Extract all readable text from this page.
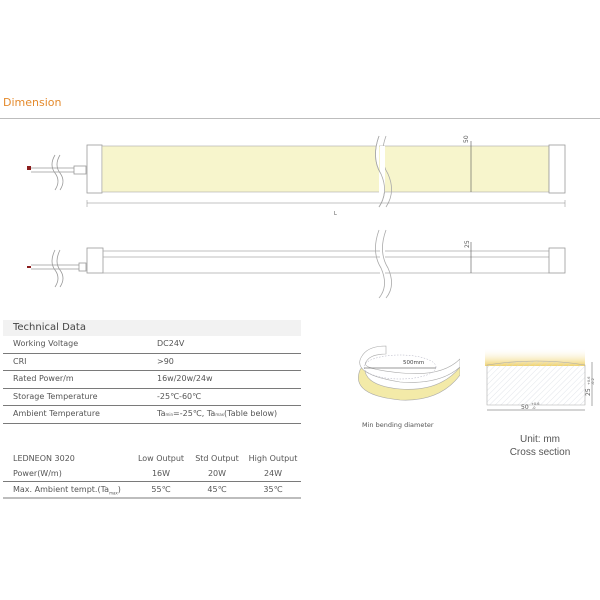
Dimension
50
L
25
Technical Data
Working Voltage	DC24V
CRI	>90
Rated Power/m	16w/20w/24w
Storage Temperature	-25℃-60℃
Ambient Temperature	Tamin=-25℃, Tamax(Table below)
LEDNEON 3020	Low Output	Std Output	High Output
Power(W/m)	16W	20W	24W
Max. Ambient $tempt.(Ta_{max})$	55℃	45℃	35℃
500mm
Min bending diameter
50 +0.6
-0
25
+0.6 -0.2
Unit: mm
Cross section
